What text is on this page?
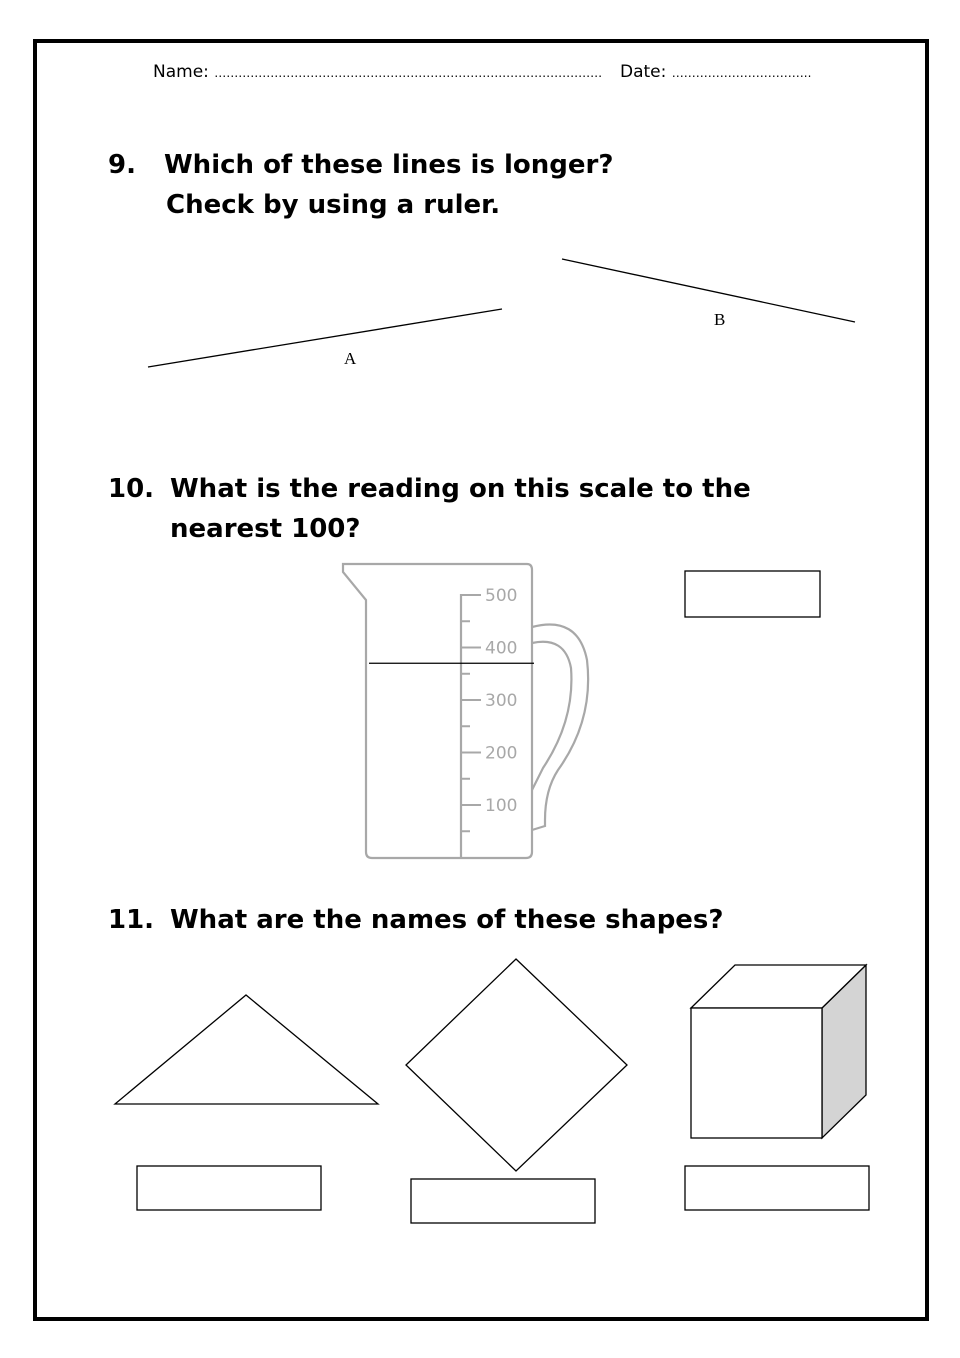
Name: ……………………………………………………………….…………………… Date: ……………………………..
9. Which of these lines is longer?
Check by using a ruler.
10. What is the reading on this scale to the
nearest 100?
11. What are the names of these shapes?
A
B
500
400
300
200
100
